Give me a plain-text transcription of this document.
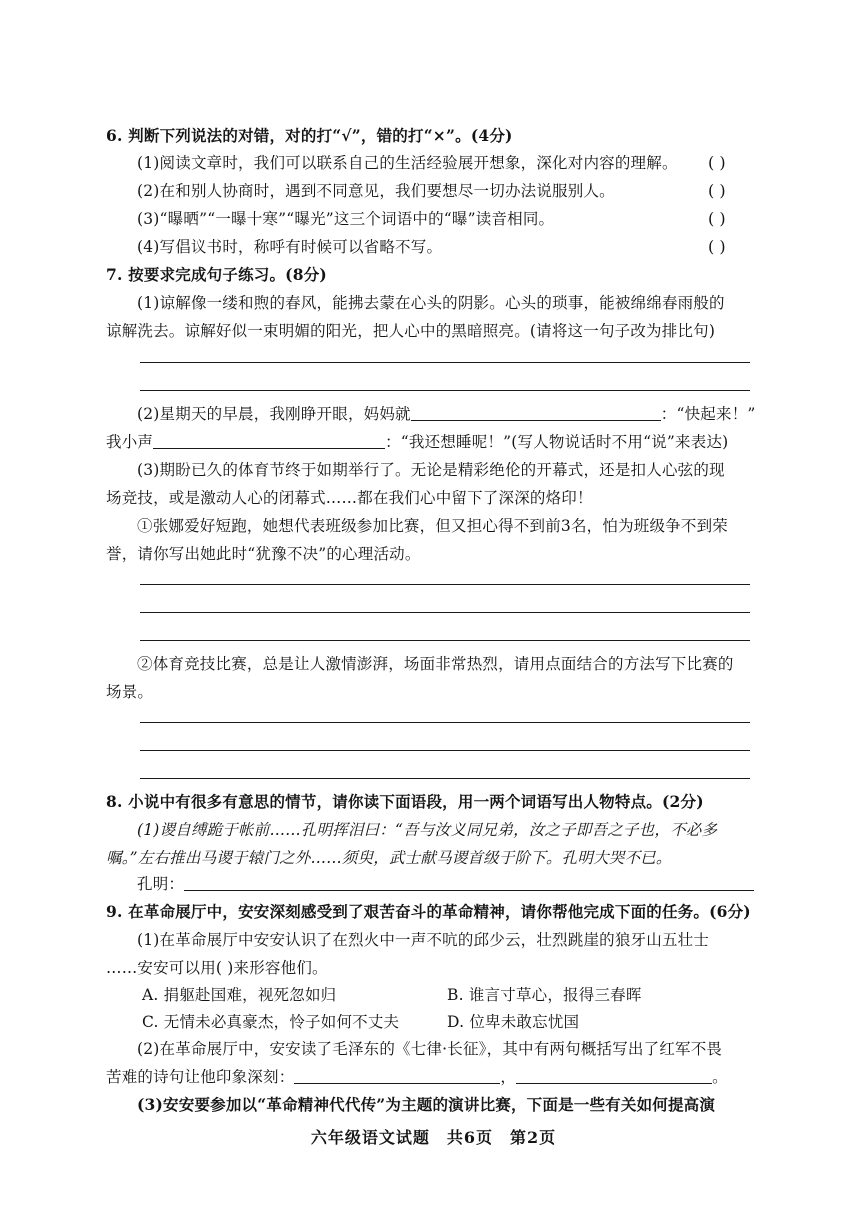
6. 判断下列说法的对错，对的打“√”，错的打“×”。(4分)
(1)阅读文章时，我们可以联系自己的生活经验展开想象，深化对内容的理解。 ( )
(2)在和别人协商时，遇到不同意见，我们要想尽一切办法说服别人。	( )
(3)“曝晒”“一曝十寒”“曝光”这三个词语中的“曝”读音相同。	( )
(4)写倡议书时，称呼有时候可以省略不写。	( )
7. 按要求完成句子练习。(8分)
(1)谅解像一缕和煦的春风，能拂去蒙在心头的阴影。心头的琐事，能被绵绵春雨般的
谅解洗去。谅解好似一束明媚的阳光，把人心中的黑暗照亮。(请将这一句子改为排比句)
(2)星期天的早晨，我刚睁开眼，妈妈就	：“快起来！”
我小声	：“我还想睡呢！”(写人物说话时不用“说”来表达)
(3)期盼已久的体育节终于如期举行了。无论是精彩绝伦的开幕式，还是扣人心弦的现
场竞技，或是激动人心的闭幕式……都在我们心中留下了深深的烙印！
①张娜爱好短跑，她想代表班级参加比赛，但又担心得不到前3名，怕为班级争不到荣
誉，请你写出她此时“犹豫不决”的心理活动。
②体育竞技比赛，总是让人激情澎湃，场面非常热烈，请用点面结合的方法写下比赛的
场景。
8. 小说中有很多有意思的情节，请你读下面语段，用一两个词语写出人物特点。(2分)
(1)谡自缚跪于帐前……孔明挥泪曰：“吾与汝义同兄弟，汝之子即吾之子也，不必多
嘱。”左右推出马谡于辕门之外……须臾，武士献马谡首级于阶下。孔明大哭不已。
孔明：
9. 在革命展厅中，安安深刻感受到了艰苦奋斗的革命精神，请你帮他完成下面的任务。(6分)
(1)在革命展厅中安安认识了在烈火中一声不吭的邱少云，壮烈跳崖的狼牙山五壮士
……安安可以用( )来形容他们。
A. 捐躯赴国难，视死忽如归	B. 谁言寸草心，报得三春晖
C. 无情未必真豪杰，怜子如何不丈夫	D. 位卑未敢忘忧国
(2)在革命展厅中，安安读了毛泽东的《七律·长征》，其中有两句概括写出了红军不畏
苦难的诗句让他印象深刻：	，	。
(3)安安要参加以“革命精神代代传”为主题的演讲比赛，下面是一些有关如何提高演
六年级语文试题　共6页　第2页
